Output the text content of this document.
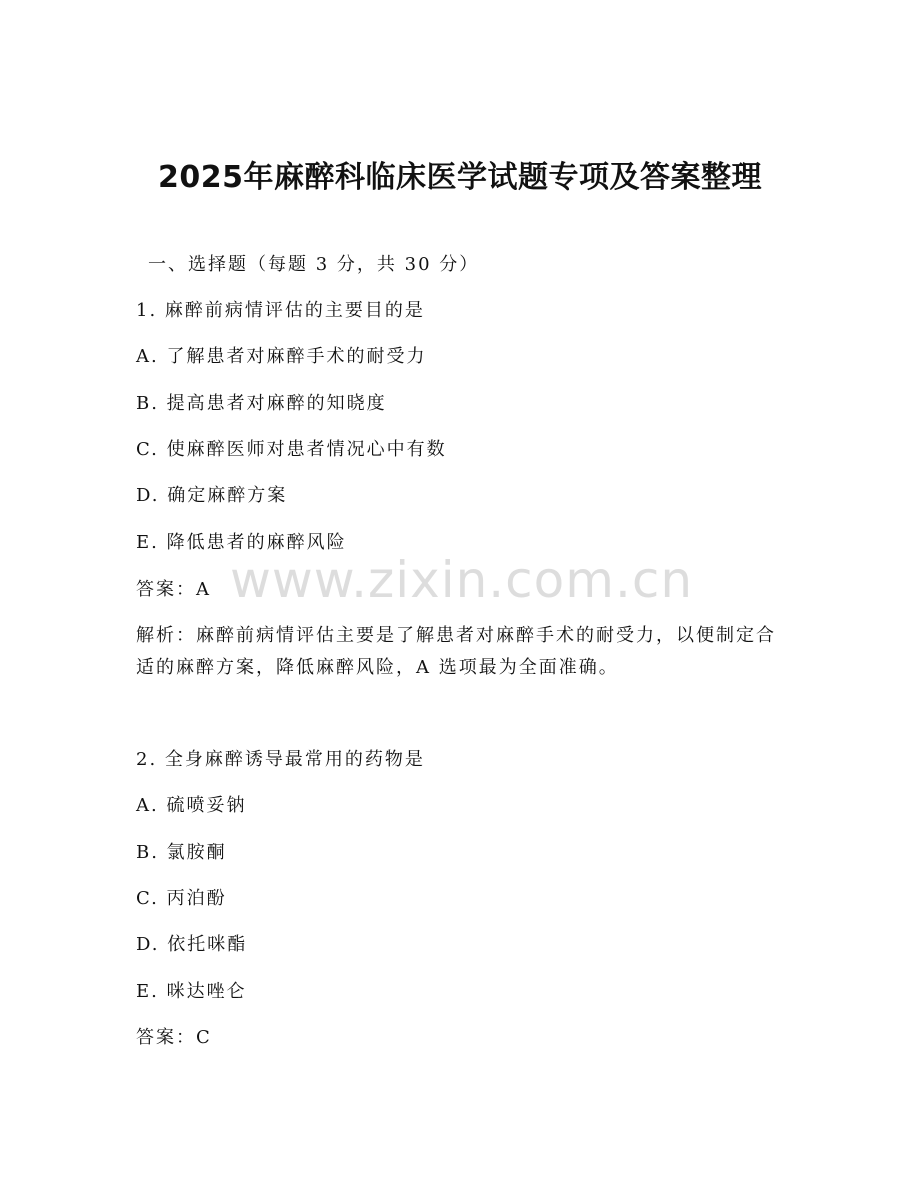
2025年麻醉科临床医学试题专项及答案整理
一、选择题（每题 3 分，共 30 分）
1. 麻醉前病情评估的主要目的是
A. 了解患者对麻醉手术的耐受力
B. 提高患者对麻醉的知晓度
C. 使麻醉医师对患者情况心中有数
D. 确定麻醉方案
E. 降低患者的麻醉风险
答案：A
解析：麻醉前病情评估主要是了解患者对麻醉手术的耐受力，以便制定合适的麻醉方案，降低麻醉风险，A 选项最为全面准确。
2. 全身麻醉诱导最常用的药物是
A. 硫喷妥钠
B. 氯胺酮
C. 丙泊酚
D. 依托咪酯
E. 咪达唑仑
答案：C
www.zixin.com.cn
